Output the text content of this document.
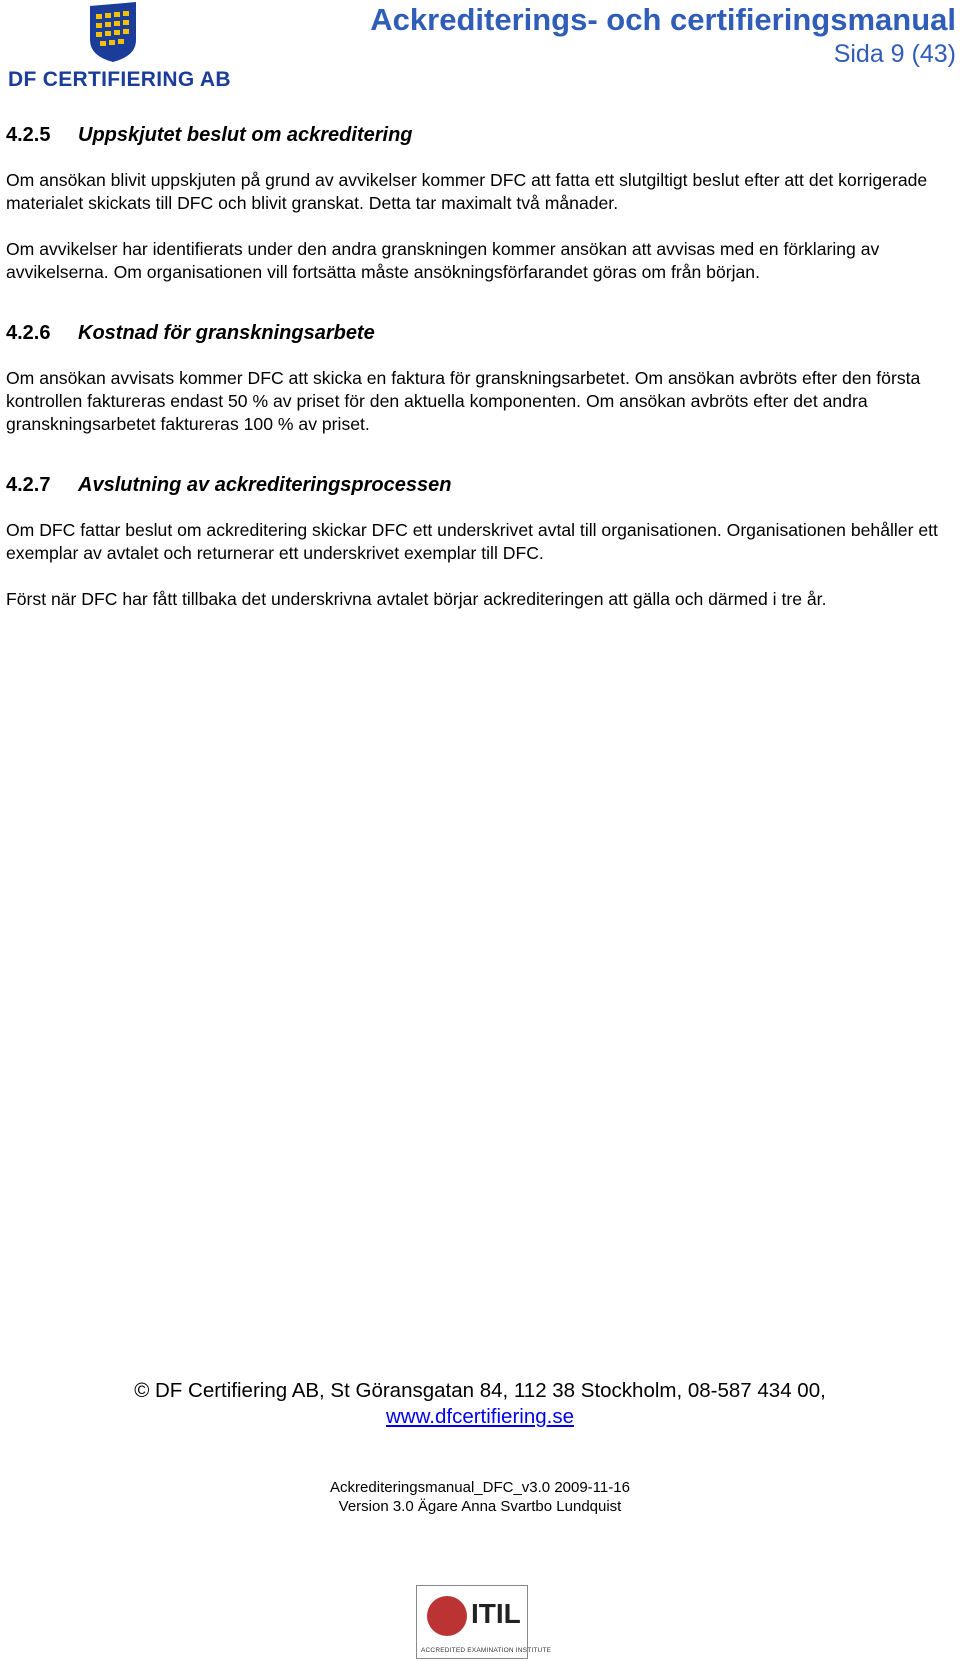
DF CERTIFIERING AB
Ackrediterings- och certifieringsmanual
Sida 9 (43)
4.2.5 Uppskjutet beslut om ackreditering

Om ansökan blivit uppskjuten på grund av avvikelser kommer DFC att fatta ett slutgiltigt beslut efter att det korrigerade materialet skickats till DFC och blivit granskat. Detta tar maximalt två månader.

Om avvikelser har identifierats under den andra granskningen kommer ansökan att avvisas med en förklaring av avvikelserna. Om organisationen vill fortsätta måste ansökningsförfarandet göras om från början.

4.2.6 Kostnad för granskningsarbete

Om ansökan avvisats kommer DFC att skicka en faktura för granskningsarbetet. Om ansökan avbröts efter den första kontrollen faktureras endast 50 % av priset för den aktuella komponenten. Om ansökan avbröts efter det andra granskningsarbetet faktureras 100 % av priset.

4.2.7 Avslutning av ackrediteringsprocessen

Om DFC fattar beslut om ackreditering skickar DFC ett underskrivet avtal till organisationen. Organisationen behåller ett exemplar av avtalet och returnerar ett underskrivet exemplar till DFC.

Först när DFC har fått tillbaka det underskrivna avtalet börjar ackrediteringen att gälla och därmed i tre år.

© DF Certifiering AB, St Göransgatan 84, 112 38 Stockholm, 08-587 434 00,
www.dfcertifiering.se
Ackrediteringsmanual_DFC_v3.0 2009-11-16
Version 3.0 Ägare Anna Svartbo Lundquist
ITIL
ACCREDITED EXAMINATION INSTITUTE
